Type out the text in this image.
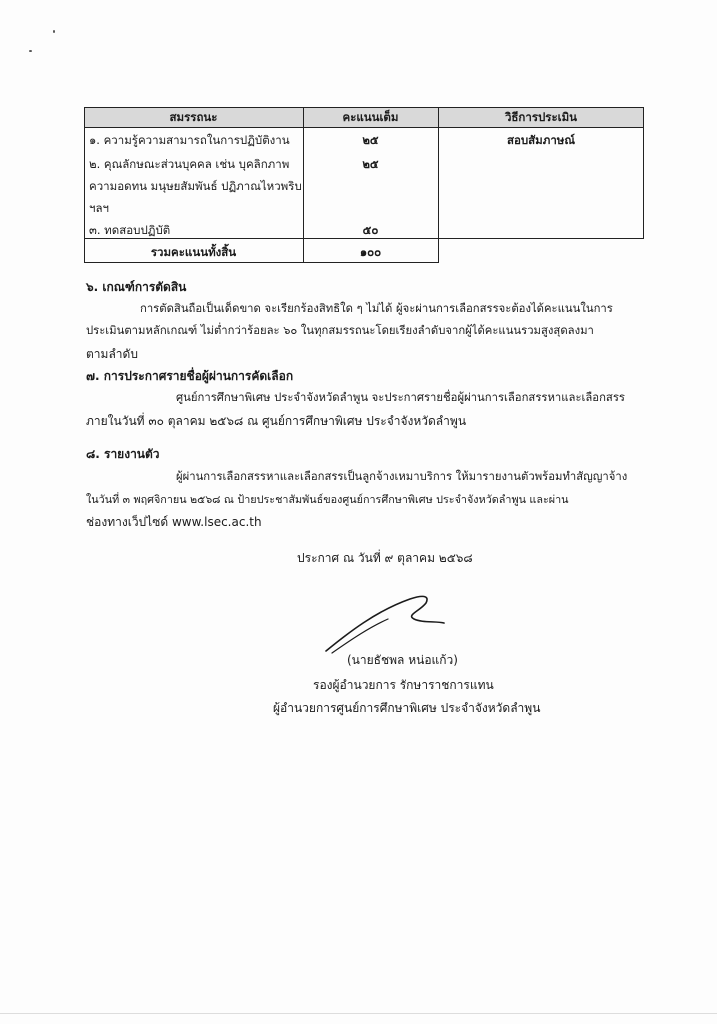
สมรรถนะ	คะแนนเต็ม	วิธีการประเมิน
๑. ความรู้ความสามารถในการปฏิบัติงาน	๒๕	สอบสัมภาษณ์
๒. คุณลักษณะส่วนบุคคล เช่น บุคลิกภาพ	๒๕
ความอดทน มนุษยสัมพันธ์ ปฏิภาณไหวพริบ
ฯลฯ
๓. ทดสอบปฏิบัติ	๕๐
รวมคะแนนทั้งสิ้น	๑๐๐
๖. เกณฑ์การตัดสิน
การตัดสินถือเป็นเด็ดขาด จะเรียกร้องสิทธิใด ๆ ไม่ได้ ผู้จะผ่านการเลือกสรรจะต้องได้คะแนนในการ
ประเมินตามหลักเกณฑ์ ไม่ต่ำกว่าร้อยละ ๖๐ ในทุกสมรรถนะโดยเรียงลำดับจากผู้ได้คะแนนรวมสูงสุดลงมา
ตามลำดับ
๗. การประกาศรายชื่อผู้ผ่านการคัดเลือก
ศูนย์การศึกษาพิเศษ ประจำจังหวัดลำพูน จะประกาศรายชื่อผู้ผ่านการเลือกสรรหาและเลือกสรร
ภายในวันที่ ๓๐ ตุลาคม ๒๕๖๘ ณ ศูนย์การศึกษาพิเศษ ประจำจังหวัดลำพูน
๘. รายงานตัว
ผู้ผ่านการเลือกสรรหาและเลือกสรรเป็นลูกจ้างเหมาบริการ ให้มารายงานตัวพร้อมทำสัญญาจ้าง
ในวันที่ ๓ พฤศจิกายน ๒๕๖๘ ณ ป้ายประชาสัมพันธ์ของศูนย์การศึกษาพิเศษ ประจำจังหวัดลำพูน และผ่าน
ช่องทางเว็ปไซด์ www.lsec.ac.th
ประกาศ ณ วันที่ ๙ ตุลาคม ๒๕๖๘
(นายธัชพล หน่อแก้ว)
รองผู้อำนวยการ รักษาราชการแทน
ผู้อำนวยการศูนย์การศึกษาพิเศษ ประจำจังหวัดลำพูน
